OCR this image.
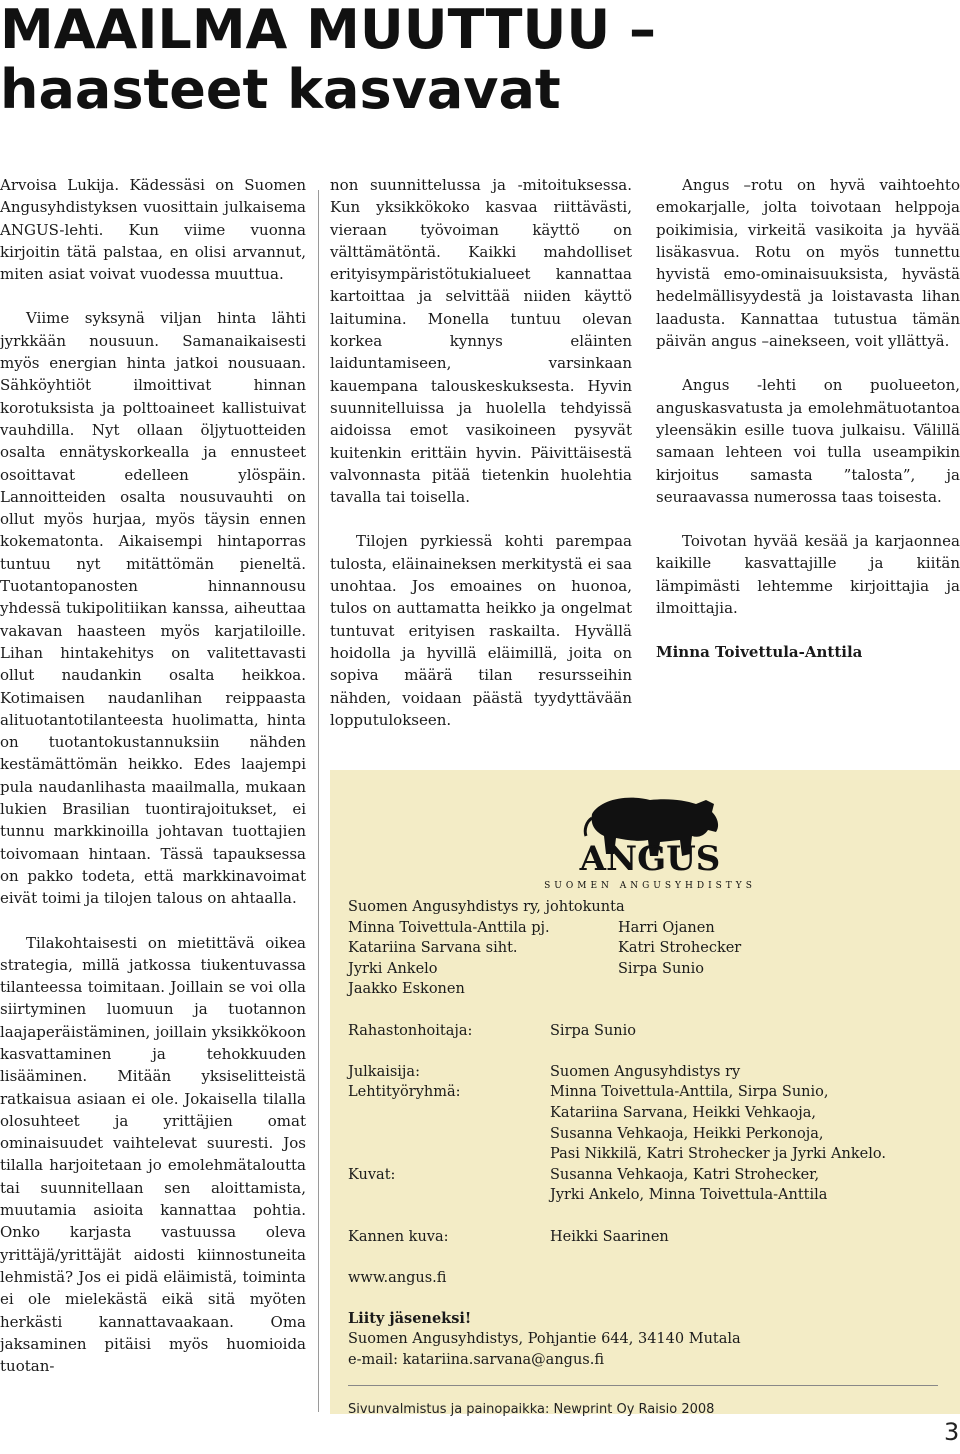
MAAILMA MUUTTUU –
haasteet kasvavat

Arvoisa Lukija. Kädessäsi on Suomen Angusyhdistyksen vuosittain julkaisema ANGUS-lehti. Kun viime vuonna kirjoitin tätä palstaa, en olisi arvannut, miten asiat voivat vuodessa muuttua.

Viime syksynä viljan hinta lähti jyrkkään nousuun. Samanaikaisesti myös energian hinta jatkoi nousuaan. Sähköyhtiöt ilmoittivat hinnan korotuksista ja polttoaineet kallistuivat vauhdilla. Nyt ollaan öljytuotteiden osalta ennätyskorkealla ja ennusteet osoittavat edelleen ylöspäin. Lannoitteiden osalta nousuvauhti on ollut myös hurjaa, myös täysin ennen kokematonta. Aikaisempi hintaporras tuntuu nyt mitättömän pieneltä. Tuotantopanosten hinnannousu yhdessä tukipolitiikan kanssa, aiheuttaa vakavan haasteen myös karjatiloille. Lihan hintakehitys on valitettavasti ollut naudankin osalta heikkoa. Kotimaisen naudanlihan reippaasta alituotantotilanteesta huolimatta, hinta on tuotantokustannuksiin nähden kestämättömän heikko. Edes laajempi pula naudanlihasta maailmalla, mukaan lukien Brasilian tuontirajoitukset, ei tunnu markkinoilla johtavan tuottajien toivomaan hintaan. Tässä tapauksessa on pakko todeta, että markkinavoimat eivät toimi ja tilojen talous on ahtaalla.

Tilakohtaisesti on mietittävä oikea strategia, millä jatkossa tiukentuvassa tilanteessa toimitaan. Joillain se voi olla siirtyminen luomuun ja tuotannon laajaperäistäminen, joillain yksikkökoon kasvattaminen ja tehokkuuden lisääminen. Mitään yksiselitteistä ratkaisua asiaan ei ole. Jokaisella tilalla olosuhteet ja yrittäjien omat ominaisuudet vaihtelevat suuresti. Jos tilalla harjoitetaan jo emolehmätaloutta tai suunnitellaan sen aloittamista, muutamia asioita kannattaa pohtia. Onko karjasta vastuussa oleva yrittäjä/yrittäjät aidosti kiinnostuneita lehmistä? Jos ei pidä eläimistä, toiminta ei ole mielekästä eikä sitä myöten herkästi kannattavaakaan. Oma jaksaminen pitäisi myös huomioida tuotan-

non suunnittelussa ja -mitoituksessa. Kun yksikkökoko kasvaa riittävästi, vieraan työvoiman käyttö on välttämätöntä. Kaikki mahdolliset erityisympäristötukialueet kannattaa kartoittaa ja selvittää niiden käyttö laitumina. Monella tuntuu olevan korkea kynnys eläinten laiduntamiseen, varsinkaan kauempana talouskeskuksesta. Hyvin suunnitelluissa ja huolella tehdyissä aidoissa emot vasikoineen pysyvät kuitenkin erittäin hyvin. Päivittäisestä valvonnasta pitää tietenkin huolehtia tavalla tai toisella.

Tilojen pyrkiessä kohti parempaa tulosta, eläinaineksen merkitystä ei saa unohtaa. Jos emoaines on huonoa, tulos on auttamatta heikko ja ongelmat tuntuvat erityisen raskailta. Hyvällä hoidolla ja hyvillä eläimillä, joita on sopiva määrä tilan resursseihin nähden, voidaan päästä tyydyttävään lopputulokseen.

Angus –rotu on hyvä vaihtoehto emokarjalle, jolta toivotaan helppoja poikimisia, virkeitä vasikoita ja hyvää lisäkasvua. Rotu on myös tunnettu hyvistä emo-ominaisuuksista, hyvästä hedelmällisyydestä ja loistavasta lihan laadusta. Kannattaa tutustua tämän päivän angus –ainekseen, voit yllättyä.

Angus -lehti on puolueeton, anguskasvatusta ja emolehmätuotantoa yleensäkin esille tuova julkaisu. Välillä samaan lehteen voi tulla useampikin kirjoitus samasta ”talosta”, ja seuraavassa numerossa taas toisesta.

Toivotan hyvää kesää ja karjaonnea kaikille kasvattajille ja kiitän lämpimästi lehtemme kirjoittajia ja ilmoittajia.

Minna Toivettula-Anttila

ANGUS
SUOMEN ANGUSYHDISTYS
Suomen Angusyhdistys ry, johtokunta
Minna Toivettula-Anttila pj.	Harri Ojanen
Katariina Sarvana siht.	Katri Strohecker
Jyrki Ankelo	Sirpa Sunio
Jaakko Eskonen
Rahastonhoitaja:	Sirpa Sunio
Julkaisija:	Suomen Angusyhdistys ry
Lehtityöryhmä:	Minna Toivettula-Anttila, Sirpa Sunio,
Katariina Sarvana, Heikki Vehkaoja,
Susanna Vehkaoja, Heikki Perkonoja,
Pasi Nikkilä, Katri Strohecker ja Jyrki Ankelo.
Kuvat:	Susanna Vehkaoja, Katri Strohecker,
Jyrki Ankelo, Minna Toivettula-Anttila
Kannen kuva:	Heikki Saarinen
www.angus.fi
Liity jäseneksi!
Suomen Angusyhdistys, Pohjantie 644, 34140 Mutala
e-mail: katariina.sarvana@angus.fi
Sivunvalmistus ja painopaikka: Newprint Oy Raisio 2008
3
